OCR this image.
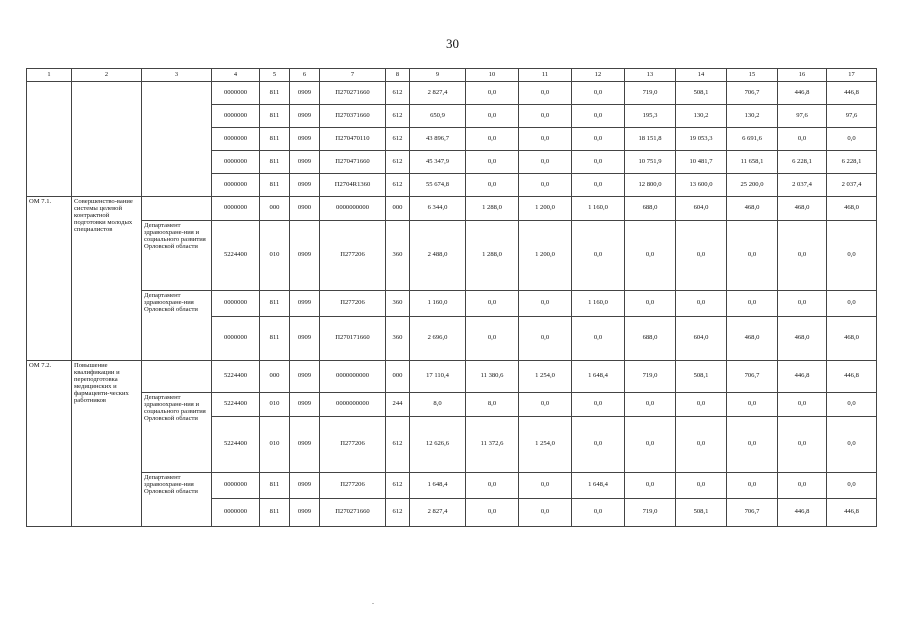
30
1	2	3	4	5	6	7	8	9	10	11	12	13	14	15	16	17
			0000000	811	0909	П270271660	612	2 827,4	0,0	0,0	0,0	719,0	508,1	706,7	446,8	446,8
			0000000	811	0909	П270371660	612	650,9	0,0	0,0	0,0	195,3	130,2	130,2	97,6	97,6
			0000000	811	0909	П270470110	612	43 896,7	0,0	0,0	0,0	18 151,8	19 053,3	6 691,6	0,0	0,0
			0000000	811	0909	П270471660	612	45 347,9	0,0	0,0	0,0	10 751,9	10 481,7	11 658,1	6 228,1	6 228,1
			0000000	811	0909	П2704R1360	612	55 674,8	0,0	0,0	0,0	12 800,0	13 600,0	25 200,0	2 037,4	2 037,4
ОМ 7.1.	Совершенство-вание системы целевой контрактной подготовки молодых специалистов		0000000	000	0900	0000000000	000	6 344,0	1 288,0	1 200,0	1 160,0	688,0	604,0	468,0	468,0	468,0
		Департамент здравоохране-ния и социального развития Орловской области	5224400	010	0909	П277206	360	2 488,0	1 288,0	1 200,0	0,0	0,0	0,0	0,0	0,0	0,0
		Департамент здравоохране-ния Орловской области	0000000	811	0999	П277206	360	1 160,0	0,0	0,0	1 160,0	0,0	0,0	0,0	0,0	0,0
			0000000	811	0909	П270171660	360	2 696,0	0,0	0,0	0,0	688,0	604,0	468,0	468,0	468,0
ОМ 7.2.	Повышение квалификации и переподготовка медицинских и фармацевти-ческих работников		5224400	000	0909	0000000000	000	17 110,4	11 380,6	1 254,0	1 648,4	719,0	508,1	706,7	446,8	446,8
		Департамент здравоохране-ния и социального развития Орловской области	5224400	010	0909	0000000000	244	8,0	8,0	0,0	0,0	0,0	0,0	0,0	0,0	0,0
			5224400	010	0909	П277206	612	12 626,6	11 372,6	1 254,0	0,0	0,0	0,0	0,0	0,0	0,0
		Департамент здравоохране-ния Орловской области	0000000	811	0909	П277206	612	1 648,4	0,0	0,0	1 648,4	0,0	0,0	0,0	0,0	0,0
			0000000	811	0909	П270271660	612	2 827,4	0,0	0,0	0,0	719,0	508,1	706,7	446,8	446,8
